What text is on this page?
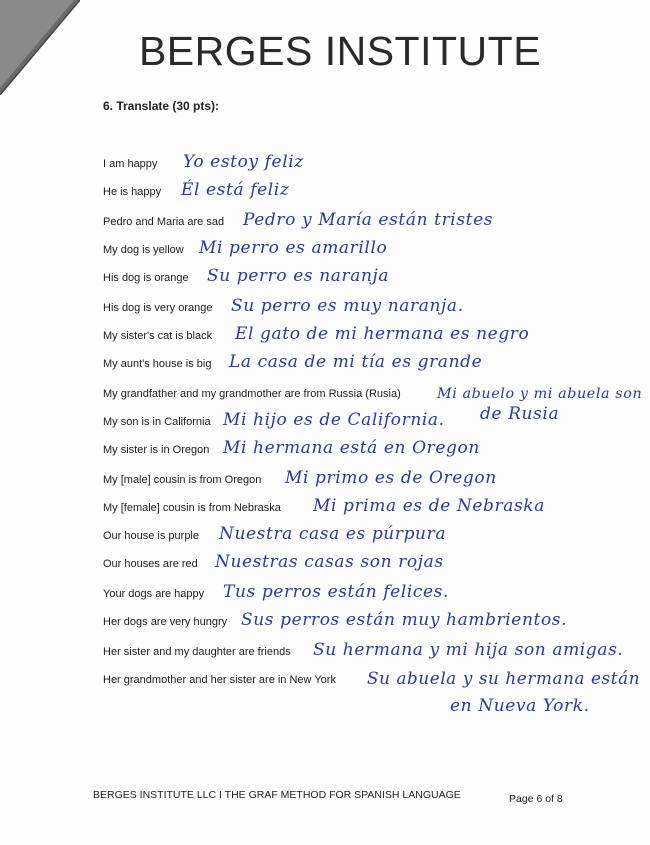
BERGES INSTITUTE
6. Translate (30 pts):
I am happy Yo estoy feliz
He is happy Él está feliz
Pedro and Maria are sad Pedro y María están tristes
My dog is yellow Mi perro es amarillo
His dog is orange Su perro es naranja
His dog is very orange Su perro es muy naranja.
My sister's cat is black El gato de mi hermana es negro
My aunt's house is big La casa de mi tía es grande
My grandfather and my grandmother are from Russia (Rusia)	Mi abuelo y mi abuela son
de Rusia
My son is in California Mi hijo es de California.
My sister is in Oregon Mi hermana está en Oregon
My [male] cousin is from Oregon Mi primo es de Oregon
My [female] cousin is from Nebraska Mi prima es de Nebraska
Our house is purple Nuestra casa es púrpura
Our houses are red Nuestras casas son rojas
Your dogs are happy Tus perros están felices.
Her dogs are very hungry Sus perros están muy hambrientos.
Her sister and my daughter are friends Su hermana y mi hija son amigas.
Her grandmother and her sister are in New York Su abuela y su hermana están
en Nueva York.
BERGES INSTITUTE LLC I THE GRAF METHOD FOR SPANISH LANGUAGE	Page 6 of 8
